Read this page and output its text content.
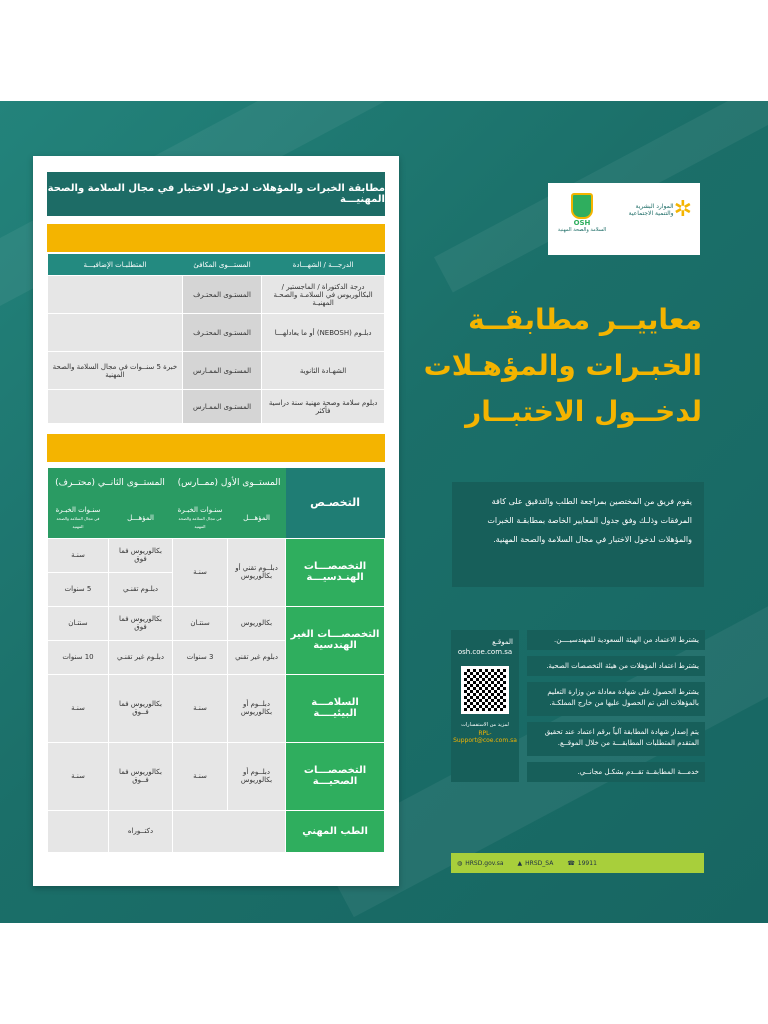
مطابقة الخبرات والمؤهلات لدخول الاختبار في مجال السلامة والصحة المهنيـــة
الدرجـــة / الشهـــادة	المستـــوى المكافئ	المتطلبـات الإضافيـــة
درجة الدكتوراة / الماجستير / البكالوريوس في السلامـة والصحـة المهنيـة	المستـوى المحتـرف	
دبلـوم (NEBOSH) أو ما يعادلهـــا	المستـوى المحتـرف	
الشهـادة الثانوية	المستـوى الممـارس	خبرة 5 سنــوات في مجال السلامة والصحة المهنية
دبلوم سلامة وصحة مهنية سنة دراسية فأكثر	المستـوى الممـارس	
التخصـص	المستــوى الأول (ممــارس)		المستــوى الثانــي (محتــرف)	
	المؤهـــل	سنـوات الخبـرة
في مجال السلامة والصحة المهنية	المؤهـــل	سنـوات الخبـرة
في مجال السلامة والصحة المهنية
التخصصـــات الهنـدسيـــة	دبلــوم تقني أو بكالوريوس	سنـة	بكالوريوس فما فوق	سنـة
			دبلـوم تقنـي	5 سنوات
التخصصـــات الغير الهندسية	بكالوريوس	سنتـان	بكالوريوس فما فوق	سنتـان
	دبلوم غير تقني	3 سنوات	دبلـوم غير تقنـي	10 سنوات
السلامـــة البيئيــــة	دبلــوم أو بكالوريوس	سنـة	بكالوريوس فما فــوق	سنـة
التخصصـــات الصحيـــة	دبلــوم أو بكالوريوس	سنـة	بكالوريوس فما فــوق	سنـة
الطب المهني			دكتــوراه	
✲
الموارد البشرية والتنمية الاجتماعية
OSH
السلامة والصحة المهنية
معاييــر مطابقــة
الخبـرات والمؤهـلات
لدخــول الاختبــار
يقوم فريق من المختصين بمراجعة الطلب والتدقيق على كافة المرفقات وذلـك وفق جدول المعايير الخاصة بمطابقـة الخبرات والمؤهلات لدخول الاختبار في مجال السلامة والصحة المهنية.
الموقـع
osh.coe.com.sa
لمزيد من الاستفسارات
RPL-Support@coe.com.sa
يشترط الاعتماد من الهيئة السعودية للمهندسيــــن.
يشترط اعتماد المؤهلات من هيئة التخصصات الصحية.
يشترط الحصول على شهادة معادلة من وزارة التعليم بالمؤهلات التي تم الحصول عليها من خارج المملكـة.
يتم إصدار شهادة المطابقة آلياً برقم اعتماد عند تحقيق المتقدم المتطلبات المطابقـــة من خلال الموقــع.
خدمـــة المطابقــة تقــدم بشكـل مجانــي.
◍ HRSD.gov.sa ▲ HRSD_SA ☎ 19911
